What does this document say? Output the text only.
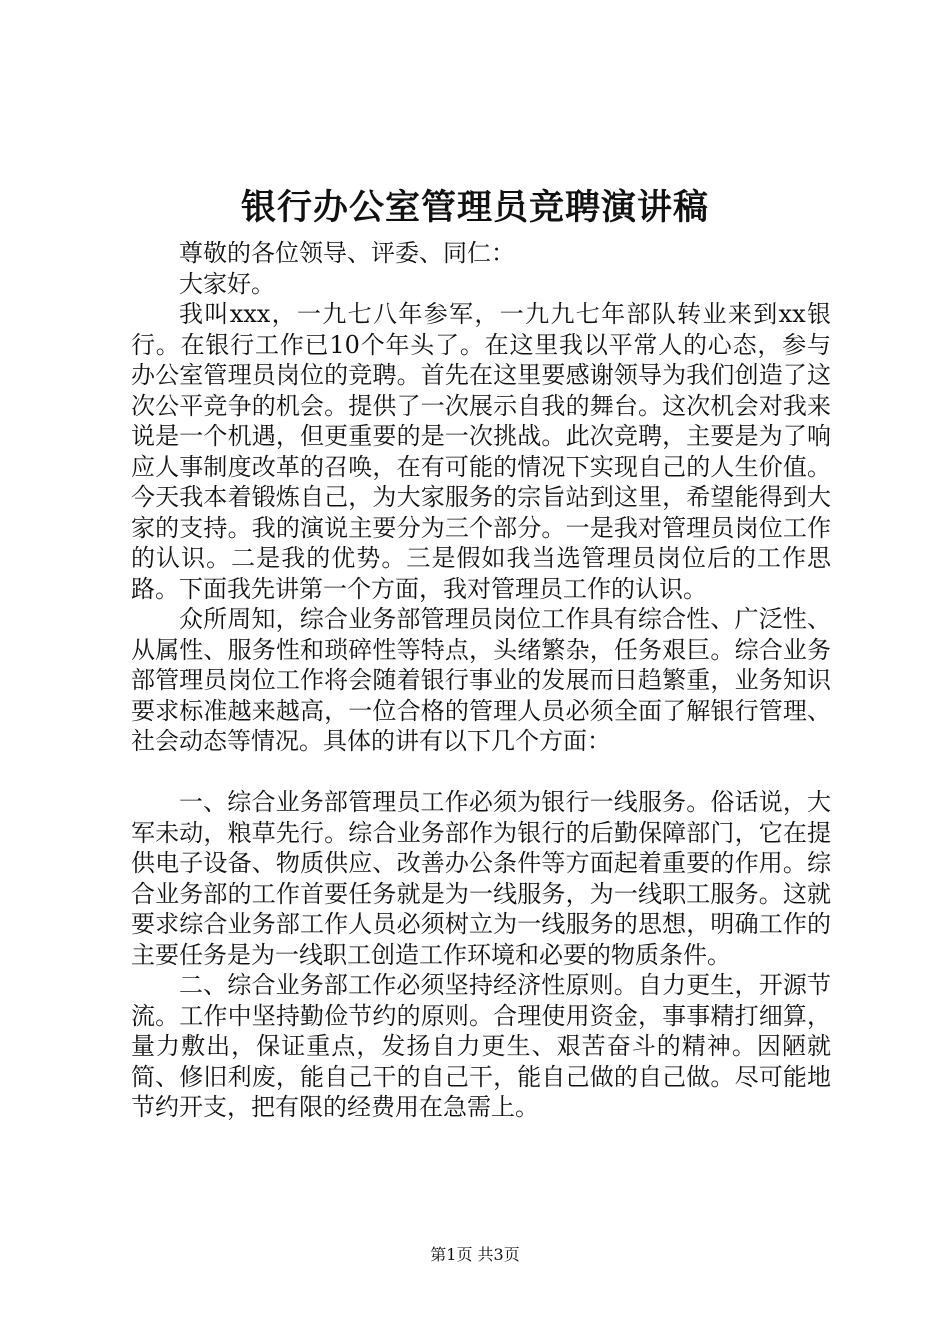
银行办公室管理员竞聘演讲稿

尊敬的各位领导、评委、同仁：

大家好。

我叫xxx，一九七八年参军，一九九七年部队转业来到xx银行。在银行工作已10个年头了。在这里我以平常人的心态，参与办公室管理员岗位的竞聘。首先在这里要感谢领导为我们创造了这次公平竞争的机会。提供了一次展示自我的舞台。这次机会对我来说是一个机遇，但更重要的是一次挑战。此次竞聘，主要是为了响应人事制度改革的召唤，在有可能的情况下实现自己的人生价值。今天我本着锻炼自己，为大家服务的宗旨站到这里，希望能得到大家的支持。我的演说主要分为三个部分。一是我对管理员岗位工作的认识。二是我的优势。三是假如我当选管理员岗位后的工作思路。下面我先讲第一个方面，我对管理员工作的认识。

众所周知，综合业务部管理员岗位工作具有综合性、广泛性、从属性、服务性和琐碎性等特点，头绪繁杂，任务艰巨。综合业务部管理员岗位工作将会随着银行事业的发展而日趋繁重，业务知识要求标准越来越高，一位合格的管理人员必须全面了解银行管理、社会动态等情况。具体的讲有以下几个方面：

一、综合业务部管理员工作必须为银行一线服务。俗话说，大军未动，粮草先行。综合业务部作为银行的后勤保障部门，它在提供电子设备、物质供应、改善办公条件等方面起着重要的作用。综合业务部的工作首要任务就是为一线服务，为一线职工服务。这就要求综合业务部工作人员必须树立为一线服务的思想，明确工作的主要任务是为一线职工创造工作环境和必要的物质条件。

二、综合业务部工作必须坚持经济性原则。自力更生，开源节流。工作中坚持勤俭节约的原则。合理使用资金，事事精打细算，量力敷出，保证重点，发扬自力更生、艰苦奋斗的精神。因陋就简、修旧利废，能自己干的自己干，能自己做的自己做。尽可能地节约开支，把有限的经费用在急需上。

第1页 共3页
